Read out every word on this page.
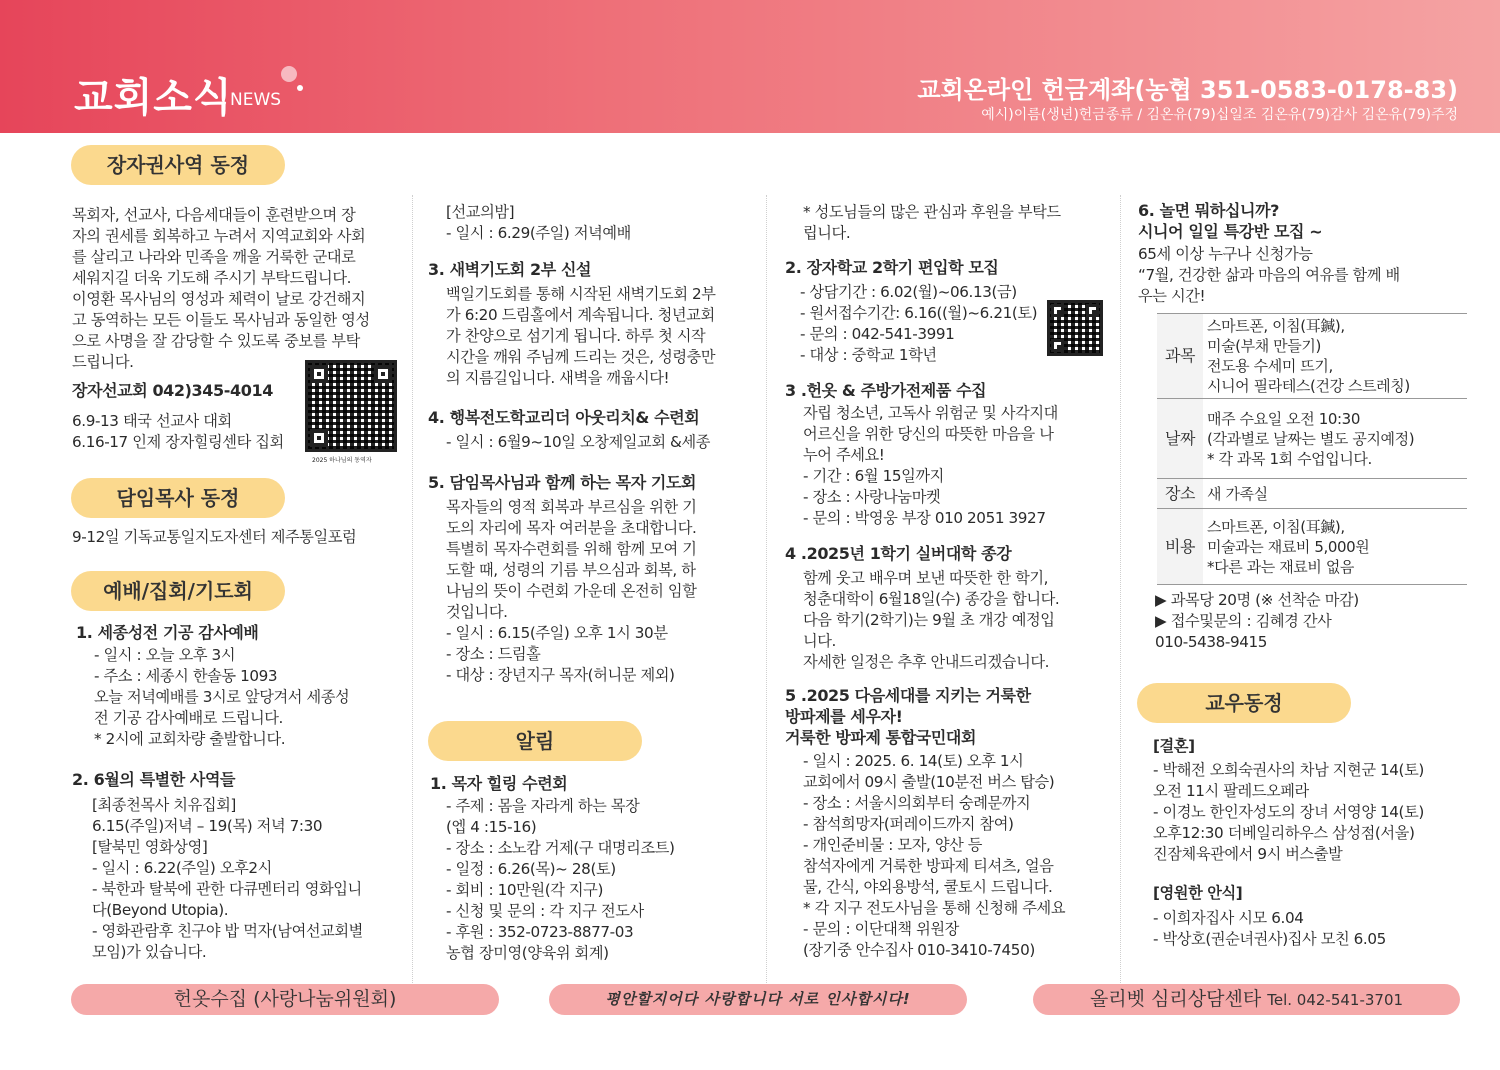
교회소식
NEWS	교회온라인 헌금계좌(농협 351-0583-0178-83)
예시)이름(생년)헌금종류 / 김온유(79)십일조 김온유(79)감사 김온유(79)주정
장자권사역 동정
목회자, 선교사, 다음세대들이 훈련받으며 장
자의 권세를 회복하고 누려서 지역교회와 사회
를 살리고 나라와 민족을 깨울 거룩한 군대로
세워지길 더욱 기도해 주시기 부탁드립니다.
이영환 목사님의 영성과 체력이 날로 강건해지
고 동역하는 모든 이들도 목사님과 동일한 영성
으로 사명을 잘 감당할 수 있도록 중보를 부탁
드립니다.
장자선교회 042)345-4014
6.9-13 태국 선교사 대회
6.16-17 인제 장자힐링센타 집회
2025 하나님의 동역자
담임목사 동정
9-12일 기독교통일지도자센터 제주통일포럼
예배/집회/기도회
1. 세종성전 기공 감사예배
- 일시 : 오늘 오후 3시
- 주소 : 세종시 한솔동 1093
오늘 저녁예배를 3시로 앞당겨서 세종성
전 기공 감사예배로 드립니다.
* 2시에 교회차량 출발합니다.
2. 6월의 특별한 사역들
[최종천목사 치유집회]
6.15(주일)저녁 – 19(목) 저녁 7:30
[탈북민 영화상영]
- 일시 : 6.22(주일) 오후2시
- 북한과 탈북에 관한 다큐멘터리 영화입니
다(Beyond Utopia).
- 영화관람후 친구야 밥 먹자(남여선교회별
모임)가 있습니다.
[선교의밤]
- 일시 : 6.29(주일) 저녁예배
3. 새벽기도회 2부 신설
백일기도회를 통해 시작된 새벽기도회 2부
가 6:20 드림홀에서 계속됩니다. 청년교회
가 찬양으로 섬기게 됩니다. 하루 첫 시작
시간을 깨워 주님께 드리는 것은, 성령충만
의 지름길입니다. 새벽을 깨웁시다!
4. 행복전도학교리더 아웃리치& 수련회
- 일시 : 6월9~10일 오창제일교회 &세종
5. 담임목사님과 함께 하는 목자 기도회
목자들의 영적 회복과 부르심을 위한 기
도의 자리에 목자 여러분을 초대합니다.
특별히 목자수련회를 위해 함께 모여 기
도할 때, 성령의 기름 부으심과 회복, 하
나님의 뜻이 수련회 가운데 온전히 임할
것입니다.
- 일시 : 6.15(주일) 오후 1시 30분
- 장소 : 드림홀
- 대상 : 장년지구 목자(허니문 제외)
알림
1. 목자 힐링 수련회
- 주제 : 몸을 자라게 하는 목장
(엡 4 :15-16)
- 장소 : 소노캄 거제(구 대명리조트)
- 일정 : 6.26(목)~ 28(토)
- 회비 : 10만원(각 지구)
- 신청 및 문의 : 각 지구 전도사
- 후원 : 352-0723-8877-03
농협 장미영(양육위 회계)
* 성도님들의 많은 관심과 후원을 부탁드
립니다.
2. 장자학교 2학기 편입학 모집
- 상담기간 : 6.02(월)~06.13(금)
- 원서접수기간: 6.16((월)~6.21(토)
- 문의 : 042-541-3991
- 대상 : 중학교 1학년
3 .헌옷 & 주방가전제품 수집
자립 청소년, 고독사 위험군 및 사각지대
어르신을 위한 당신의 따뜻한 마음을 나
누어 주세요!
- 기간 : 6월 15일까지
- 장소 : 사랑나눔마켓
- 문의 : 박영웅 부장 010 2051 3927
4 .2025년 1학기 실버대학 종강
함께 웃고 배우며 보낸 따뜻한 한 학기,
청춘대학이 6월18일(수) 종강을 합니다.
다음 학기(2학기)는 9월 초 개강 예정입
니다.
자세한 일정은 추후 안내드리겠습니다.
5 .2025 다음세대를 지키는 거룩한
방파제를 세우자!
거룩한 방파제 통합국민대회
- 일시 : 2025. 6. 14(토) 오후 1시
교회에서 09시 출발(10분전 버스 탑승)
- 장소 : 서울시의회부터 숭례문까지
- 참석희망자(퍼레이드까지 참여)
- 개인준비물 : 모자, 양산 등
참석자에게 거룩한 방파제 티셔츠, 얼음
물, 간식, 야외용방석, 쿨토시 드립니다.
* 각 지구 전도사님을 통해 신청해 주세요
- 문의 : 이단대책 위원장
(장기중 안수집사 010-3410-7450)
6. 놀면 뭐하십니까?
시니어 일일 특강반 모집 ~
65세 이상 누구나 신청가능
“7월, 건강한 삶과 마음의 여유를 함께 배
우는 시간!
과목	스마트폰, 이침(耳鍼),
미술(부채 만들기)
전도용 수세미 뜨기,
시니어 필라테스(건강 스트레칭)
날짜	매주 수요일 오전 10:30
(각과별로 날짜는 별도 공지예정)
* 각 과목 1회 수업입니다.
장소	새 가족실
비용	스마트폰, 이침(耳鍼),
미술과는 재료비 5,000원
*다른 과는 재료비 없음
▶ 과목당 20명 (※ 선착순 마감)
▶ 접수및문의 : 김혜경 간사
010-5438-9415
교우동정
[결혼]
- 박해전 오희숙권사의 차남 지현군 14(토)
오전 11시 팔레드오페라
- 이경노 한인자성도의 장녀 서영양 14(토)
오후12:30 더베일리하우스 삼성점(서울)
진잠체육관에서 9시 버스출발
[영원한 안식]
- 이희자집사 시모 6.04
- 박상호(권순녀권사)집사 모친 6.05
헌옷수집 (사랑나눔위원회)	평안할지어다 사랑합니다 서로 인사합시다!	올리벳 심리상담센타 Tel. 042-541-3701
